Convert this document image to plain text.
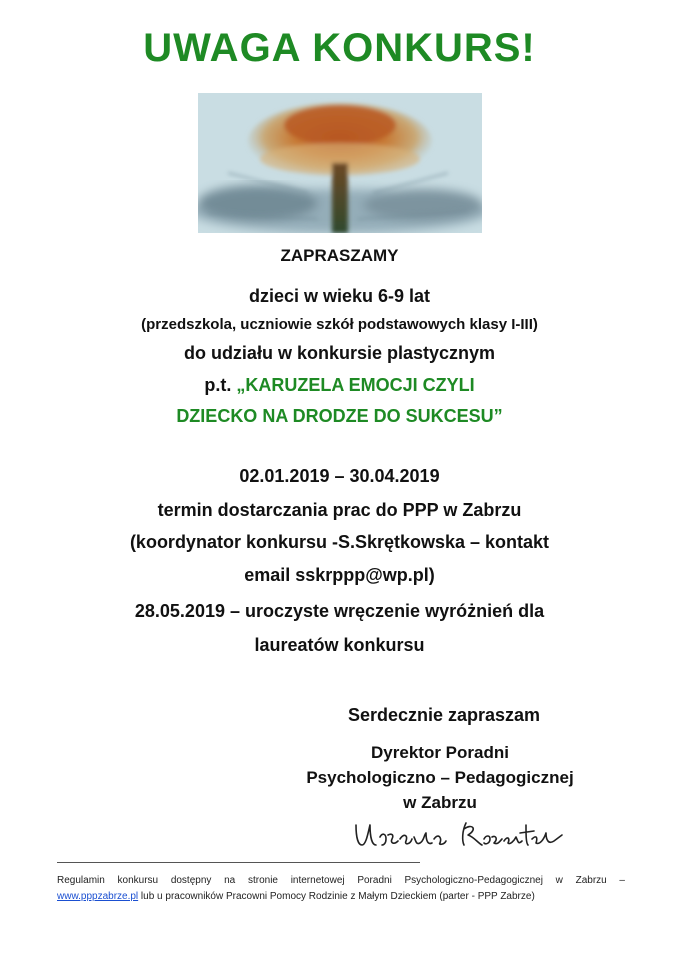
UWAGA KONKURS!
ZAPRASZAMY
dzieci w wieku 6-9 lat
(przedszkola, uczniowie szkół podstawowych klasy I-III)
do udziału w konkursie plastycznym
p.t. „KARUZELA EMOCJI CZYLI
DZIECKO NA DRODZE DO SUKCESU”
02.01.2019 – 30.04.2019
termin dostarczania prac do PPP w Zabrzu
(koordynator konkursu -S.Skrętkowska – kontakt
email sskrppp@wp.pl)
28.05.2019 – uroczyste wręczenie wyróżnień dla
laureatów konkursu
Serdecznie zapraszam
Dyrektor Poradni
Psychologiczno – Pedagogicznej
w Zabrzu
Regulamin konkursu dostępny na stronie internetowej Poradni Psychologiczno-Pedagogicznej w Zabrzu –
www.pppzabrze.pl lub u pracowników Pracowni Pomocy Rodzinie z Małym Dzieckiem (parter - PPP Zabrze)
